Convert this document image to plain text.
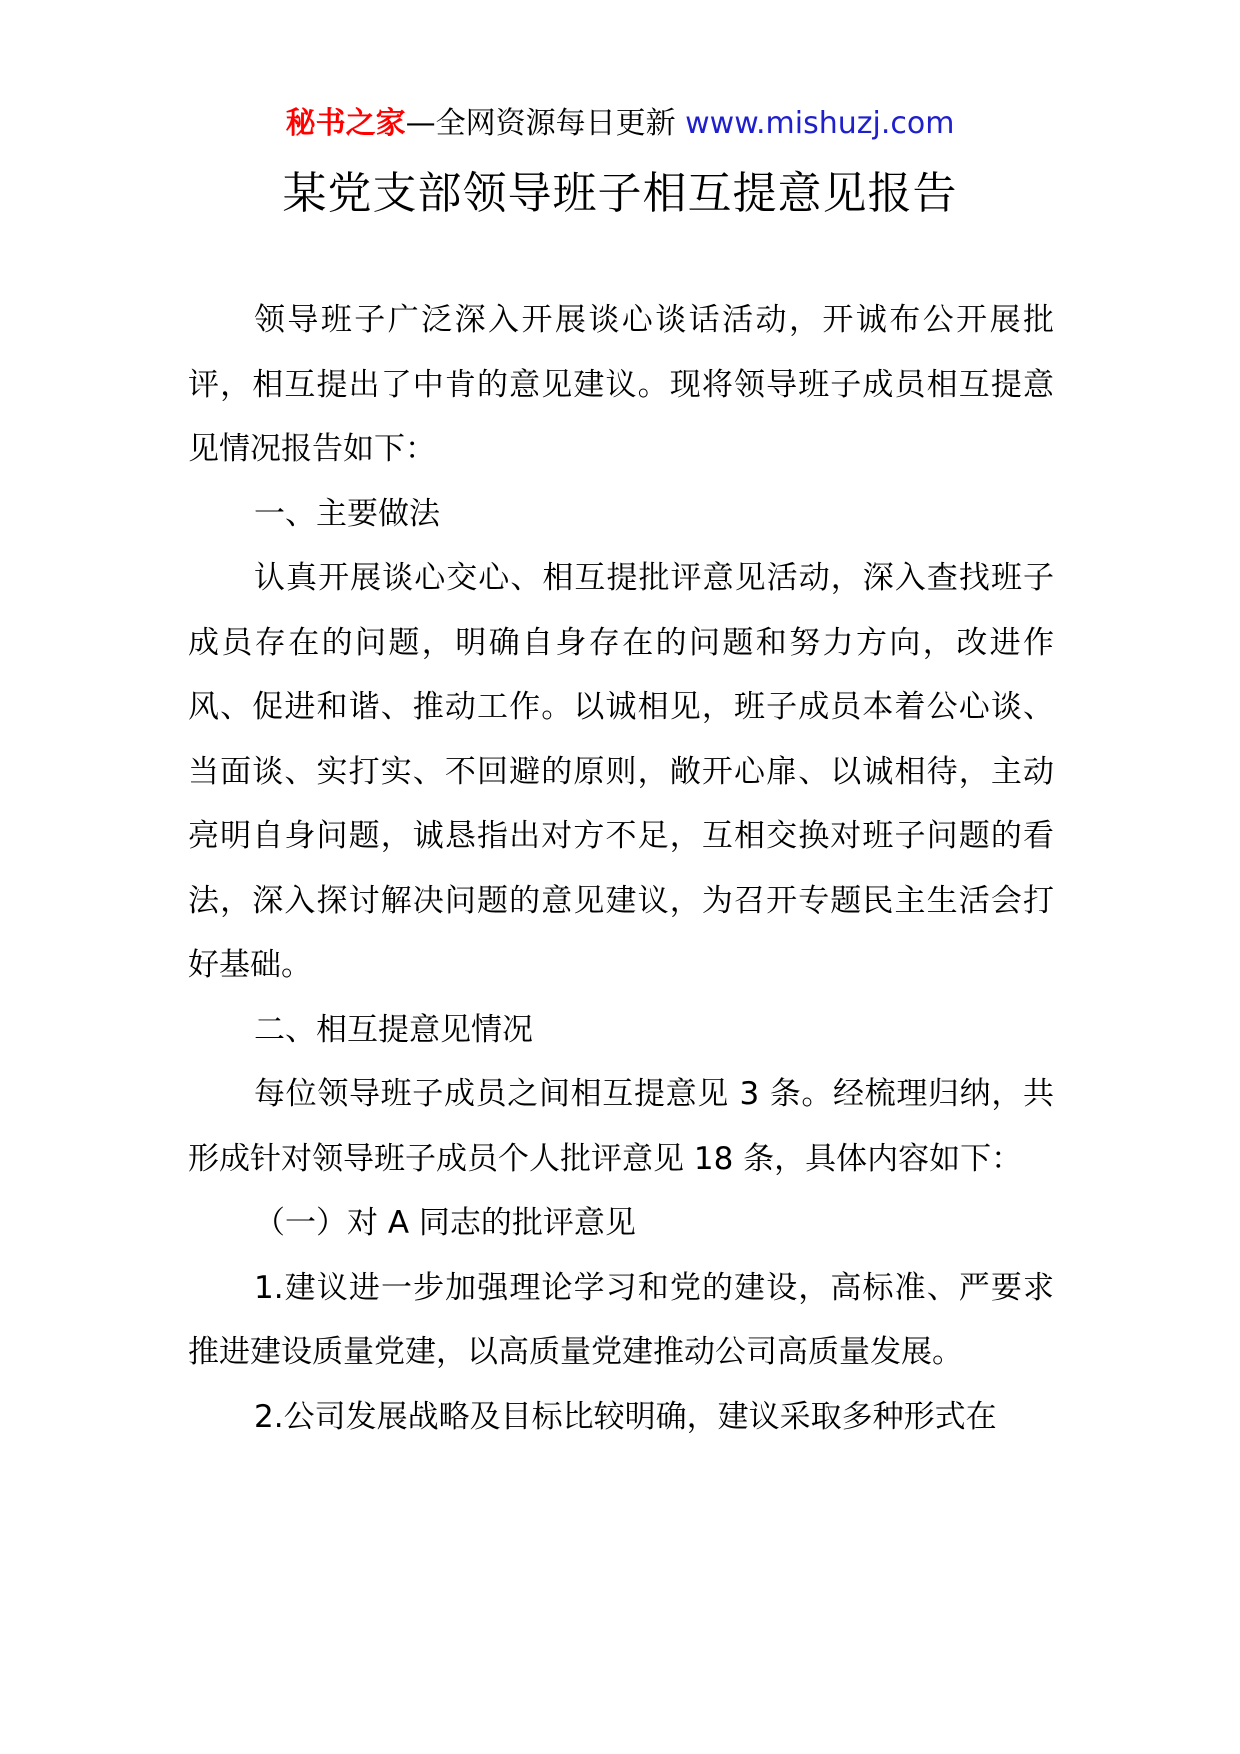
秘书之家—全网资源每日更新 www.mishuzj.com
某党支部领导班子相互提意见报告

领导班子广泛深入开展谈心谈话活动，开诚布公开展批评，相互提出了中肯的意见建议。现将领导班子成员相互提意见情况报告如下：

一、主要做法

认真开展谈心交心、相互提批评意见活动，深入查找班子成员存在的问题，明确自身存在的问题和努力方向，改进作风、促进和谐、推动工作。以诚相见，班子成员本着公心谈、当面谈、实打实、不回避的原则，敞开心扉、以诚相待，主动亮明自身问题，诚恳指出对方不足，互相交换对班子问题的看法，深入探讨解决问题的意见建议，为召开专题民主生活会打好基础。

二、相互提意见情况

每位领导班子成员之间相互提意见 3 条。经梳理归纳，共形成针对领导班子成员个人批评意见 18 条，具体内容如下：

（一）对 A 同志的批评意见

1.建议进一步加强理论学习和党的建设，高标准、严要求推进建设质量党建，以高质量党建推动公司高质量发展。

2.公司发展战略及目标比较明确，建议采取多种形式在
